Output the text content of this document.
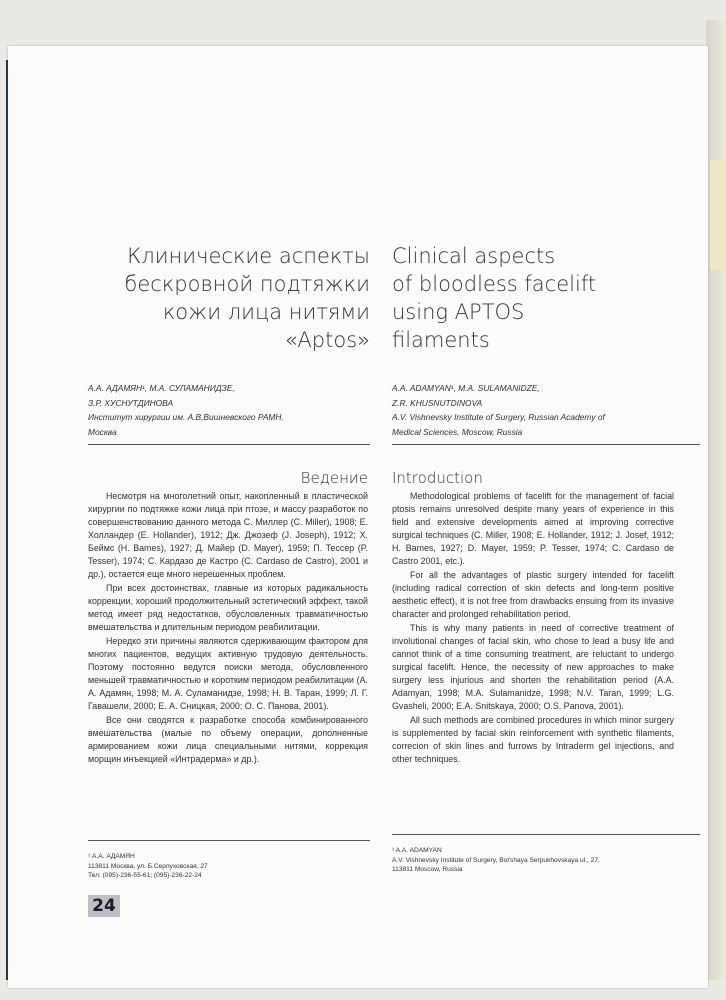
Клинические аспекты
бескровной подтяжки
кожи лица нитями
«Aptos»
Clinical aspects
of bloodless facelift
using APTOS
filaments
А.А. АДАМЯН¹, М.А. СУЛАМАНИДЗЕ,
З.Р. ХУСНУТДИНОВА
Институт хирургии им. А.В.Вишневского РАМН,
Москва
A.A. ADAMYAN¹, M.A. SULAMANIDZE,
Z.R. KHUSNUTDINOVA
A.V. Vishnevsky Institute of Surgery, Russian Academy of
Medical Sciences, Moscow, Russia
Ведение Introduction

Несмотря на многолетний опыт, накопленный в пластической хирургии по подтяжке кожи лица при птозе, и массу разработок по совершенствованию данного метода С. Миллер (C. Miller), 1908; Е. Холландер (E. Hollander), 1912; Дж. Джозеф (J. Joseph), 1912; Х. Беймс (H. Bames), 1927; Д. Майер (D. Mayer), 1959; П. Тессер (P. Tesser), 1974; С. Кардазо де Кастро (C. Cardaso de Castro), 2001 и др.), остается еще много нерешенных проблем.

При всех достоинствах, главные из которых радикальность коррекции, хороший продолжительный эстетический эффект, такой метод имеет ряд недостатков, обусловленных травматичностью вмешательства и длительным периодом реабилитации.

Нередко эти причины являются сдерживающим фактором для многих пациентов, ведущих активную трудовую деятельность. Поэтому постоянно ведутся поиски метода, обусловленного меньшей травматичностью и коротким периодом реабилитации (А. А. Адамян, 1998; М. А. Суламанидзе, 1998; Н. В. Таран, 1999; Л. Г. Гавашели, 2000; Е. А. Сницкая, 2000; О. С. Панова, 2001).

Все они сводятся к разработке способа комбинированного вмешательства (малые по объему операции, дополненные армированием кожи лица специальными нитями, коррекция морщин инъекцией «Интрадерма» и др.).

Methodological problems of facelift for the management of facial ptosis remains unresolved despite many years of experience in this field and extensive developments aimed at improving corrective surgical techniques (C. Miller, 1908; E. Hollander, 1912; J. Josef, 1912; H. Bames, 1927; D. Mayer, 1959; P. Tesser, 1974; C. Cardaso de Castro 2001, etc.).

For all the advantages of plastic surgery intended for facelift (including radical correction of skin defects and long-term positive aesthetic effect), it is not free from drawbacks ensuing from its invasive character and prolonged rehabilitation period.

This is why many patients in need of corrective treatment of involutional changes of facial skin, who chose to lead a busy life and cannot think of a time consuming treatment, are reluctant to undergo surgical facelift. Hence, the necessity of new approaches to make surgery less injurious and shorten the rehabilitation period (A.A. Adamyan, 1998; M.A. Sulamanidze, 1998; N.V. Taran, 1999; L.G. Gvasheli, 2000; E.A. Snitskaya, 2000; O.S. Panova, 2001).

All such methods are combined procedures in which minor surgery is supplemented by facial skin reinforcement with synthetic filaments, correcion of skin lines and furrows by Intraderm gel injections, and other techniques.

¹ А.А. АДАМЯН
113811 Москва, ул. Б.Серпуховская, 27
Тел: (095)-236-55-61; (095)-236-22-24
¹ A.A. ADAMYAN
A.V. Vishnevsky Institute of Surgery, Bol'shaya Serpukhovskaya ul., 27,
113811 Moscow, Russia
24
